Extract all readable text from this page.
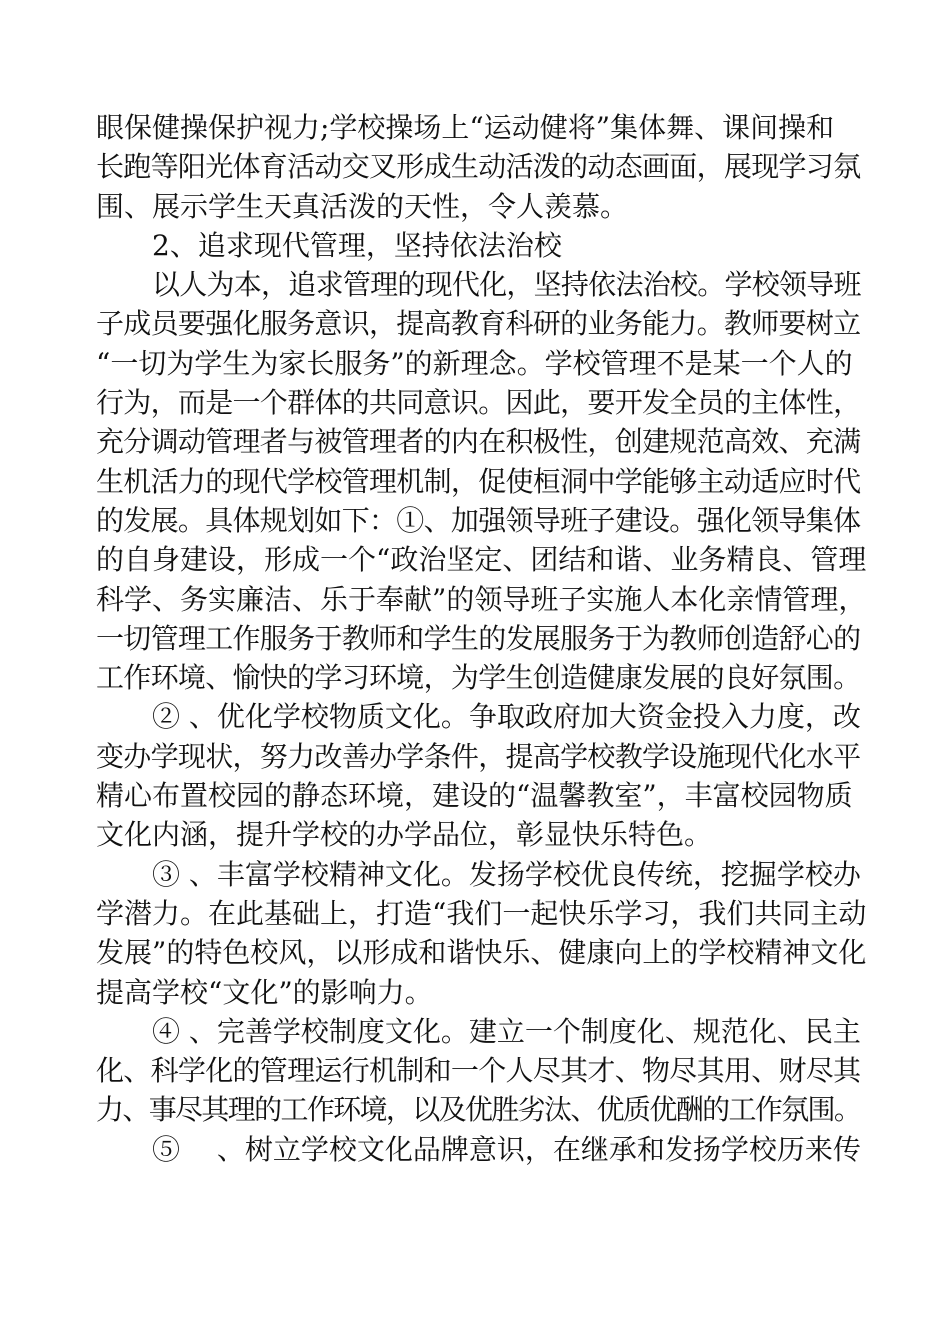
眼保健操保护视力;学校操场上“运动健将”集体舞、课间操和
长跑等阳光体育活动交叉形成生动活泼的动态画面，展现学习氛
围、展示学生天真活泼的天性，令人羡慕。
2、追求现代管理，坚持依法治校
以人为本，追求管理的现代化，坚持依法治校。学校领导班
子成员要强化服务意识，提高教育科研的业务能力。教师要树立
“一切为学生为家长服务”的新理念。学校管理不是某一个人的
行为，而是一个群体的共同意识。因此，要开发全员的主体性，
充分调动管理者与被管理者的内在积极性，创建规范高效、充满
生机活力的现代学校管理机制，促使桓洞中学能够主动适应时代
的发展。具体规划如下：①、加强领导班子建设。强化领导集体
的自身建设，形成一个“政治坚定、团结和谐、业务精良、管理
科学、务实廉洁、乐于奉献”的领导班子实施人本化亲情管理，
一切管理工作服务于教师和学生的发展服务于为教师创造舒心的
工作环境、愉快的学习环境，为学生创造健康发展的良好氛围。
② 、优化学校物质文化。争取政府加大资金投入力度，改
变办学现状，努力改善办学条件，提高学校教学设施现代化水平
精心布置校园的静态环境，建设的“温馨教室”，丰富校园物质
文化内涵，提升学校的办学品位，彰显快乐特色。
③ 、丰富学校精神文化。发扬学校优良传统，挖掘学校办
学潜力。在此基础上，打造“我们一起快乐学习，我们共同主动
发展”的特色校风，以形成和谐快乐、健康向上的学校精神文化
提高学校“文化”的影响力。
④ 、完善学校制度文化。建立一个制度化、规范化、民主
化、科学化的管理运行机制和一个人尽其才、物尽其用、财尽其
力、事尽其理的工作环境，以及优胜劣汰、优质优酬的工作氛围。
⑤　 、树立学校文化品牌意识，在继承和发扬学校历来传
